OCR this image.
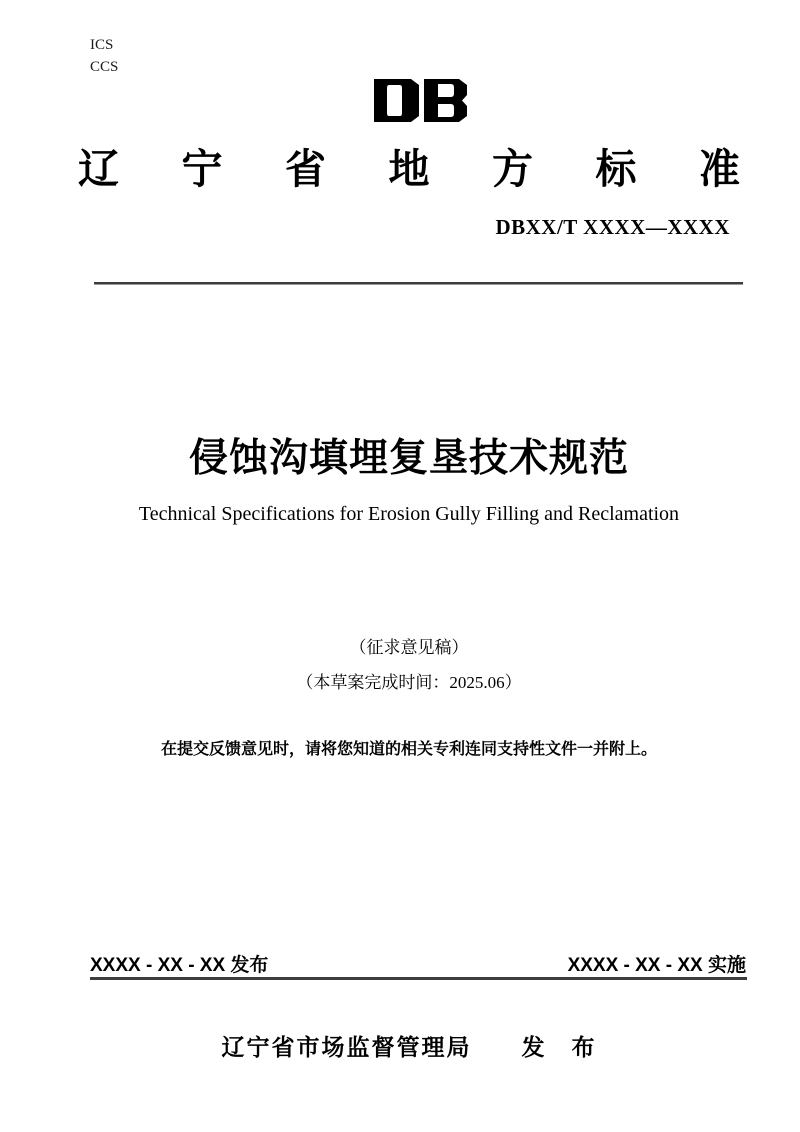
ICS
CCS
辽 宁 省 地 方 标 准
DBXX/T XXXX—XXXX
侵蚀沟填埋复垦技术规范
Technical Specifications for Erosion Gully Filling and Reclamation
（征求意见稿）
（本草案完成时间：2025.06）
在提交反馈意见时，请将您知道的相关专利连同支持性文件一并附上。
XXXX - XX - XX 发布	XXXX - XX - XX 实施
辽宁省市场监督管理局　　发　布
